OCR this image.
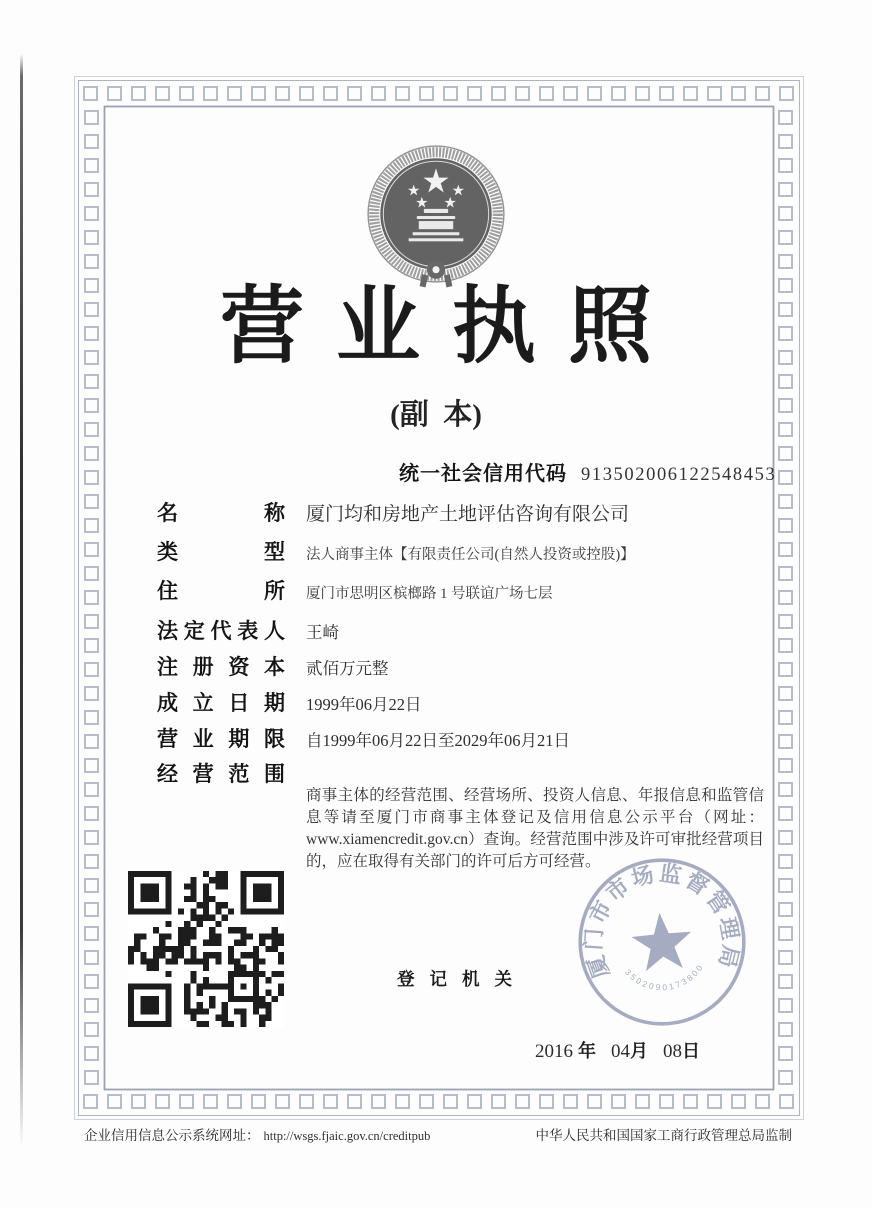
营业执照
(副  本)
统一社会信用代码 913502006122548453
名称 厦门均和房地产土地评估咨询有限公司
类型 法人商事主体【有限责任公司(自然人投资或控股)】
住所 厦门市思明区槟榔路 1 号联谊广场七层
法定代表人 王崎
注册资本 贰佰万元整
成立日期 1999年06月22日
营业期限 自1999年06月22日至2029年06月21日
经营范围
商事主体的经营范围、经营场所、投资人信息、年报信息和监管信息等请至厦门市商事主体登记及信用信息公示平台（网址：www.xiamencredit.gov.cn）查询。经营范围中涉及许可审批经营项目的，应在取得有关部门的许可后方可经营。
登记机关	厦门市市场监督管理局
3502090173800
2016 年 04月 08日
企业信用信息公示系统网址： http://wsgs.fjaic.gov.cn/creditpub	中华人民共和国国家工商行政管理总局监制
